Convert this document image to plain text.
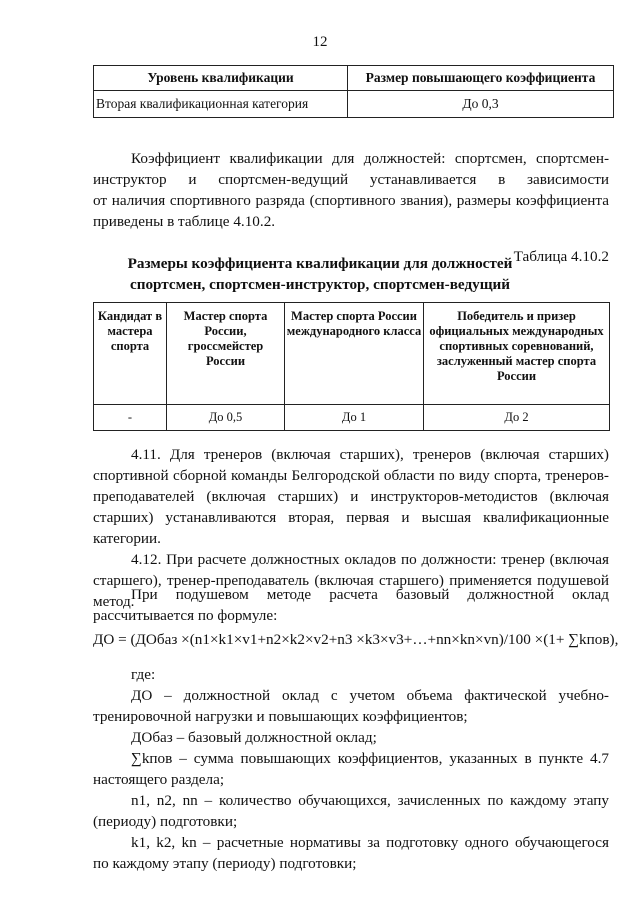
12
Уровень квалификации	Размер повышающего коэффициента
Вторая квалификационная категория	До 0,3
Коэффициент квалификации для должностей: спортсмен, спортсмен-
инструктор и спортсмен-ведущий устанавливается в зависимости
от наличия спортивного разряда (спортивного звания), размеры коэффициента
приведены в таблице 4.10.2.
Таблица 4.10.2
Размеры коэффициента квалификации для должностей
спортсмен, спортсмен-инструктор, спортсмен-ведущий
Кандидат в мастера спорта	Мастер спорта России, гроссмейстер России	Мастер спорта России международного класса	Победитель и призер официальных международных спортивных соревнований, заслуженный мастер спорта России
-	До 0,5	До 1	До 2
4.11. Для тренеров (включая старших), тренеров (включая старших)
спортивной сборной команды Белгородской области по виду спорта, тренеров-
преподавателей (включая старших) и инструкторов-методистов (включая
старших) устанавливаются вторая, первая и высшая квалификационные
категории.
4.12. При расчете должностных окладов по должности: тренер (включая
старшего), тренер-преподаватель (включая старшего) применяется подушевой
метод.
При подушевом методе расчета базовый должностной оклад
рассчитывается по формуле:
ДО = (ДОбаз ×(n1×k1×v1+n2×k2×v2+n3 ×k3×v3+…+nn×kn×vn)/100 ×(1+ ∑kпов),
где:
ДО – должностной оклад с учетом объема фактической учебно-
тренировочной нагрузки и повышающих коэффициентов;
ДОбаз – базовый должностной оклад;
∑kпов – сумма повышающих коэффициентов, указанных в пункте 4.7
настоящего раздела;
n1, n2, nn – количество обучающихся, зачисленных по каждому этапу
(периоду) подготовки;
k1, k2, kn – расчетные нормативы за подготовку одного обучающегося
по каждому этапу (периоду) подготовки;
